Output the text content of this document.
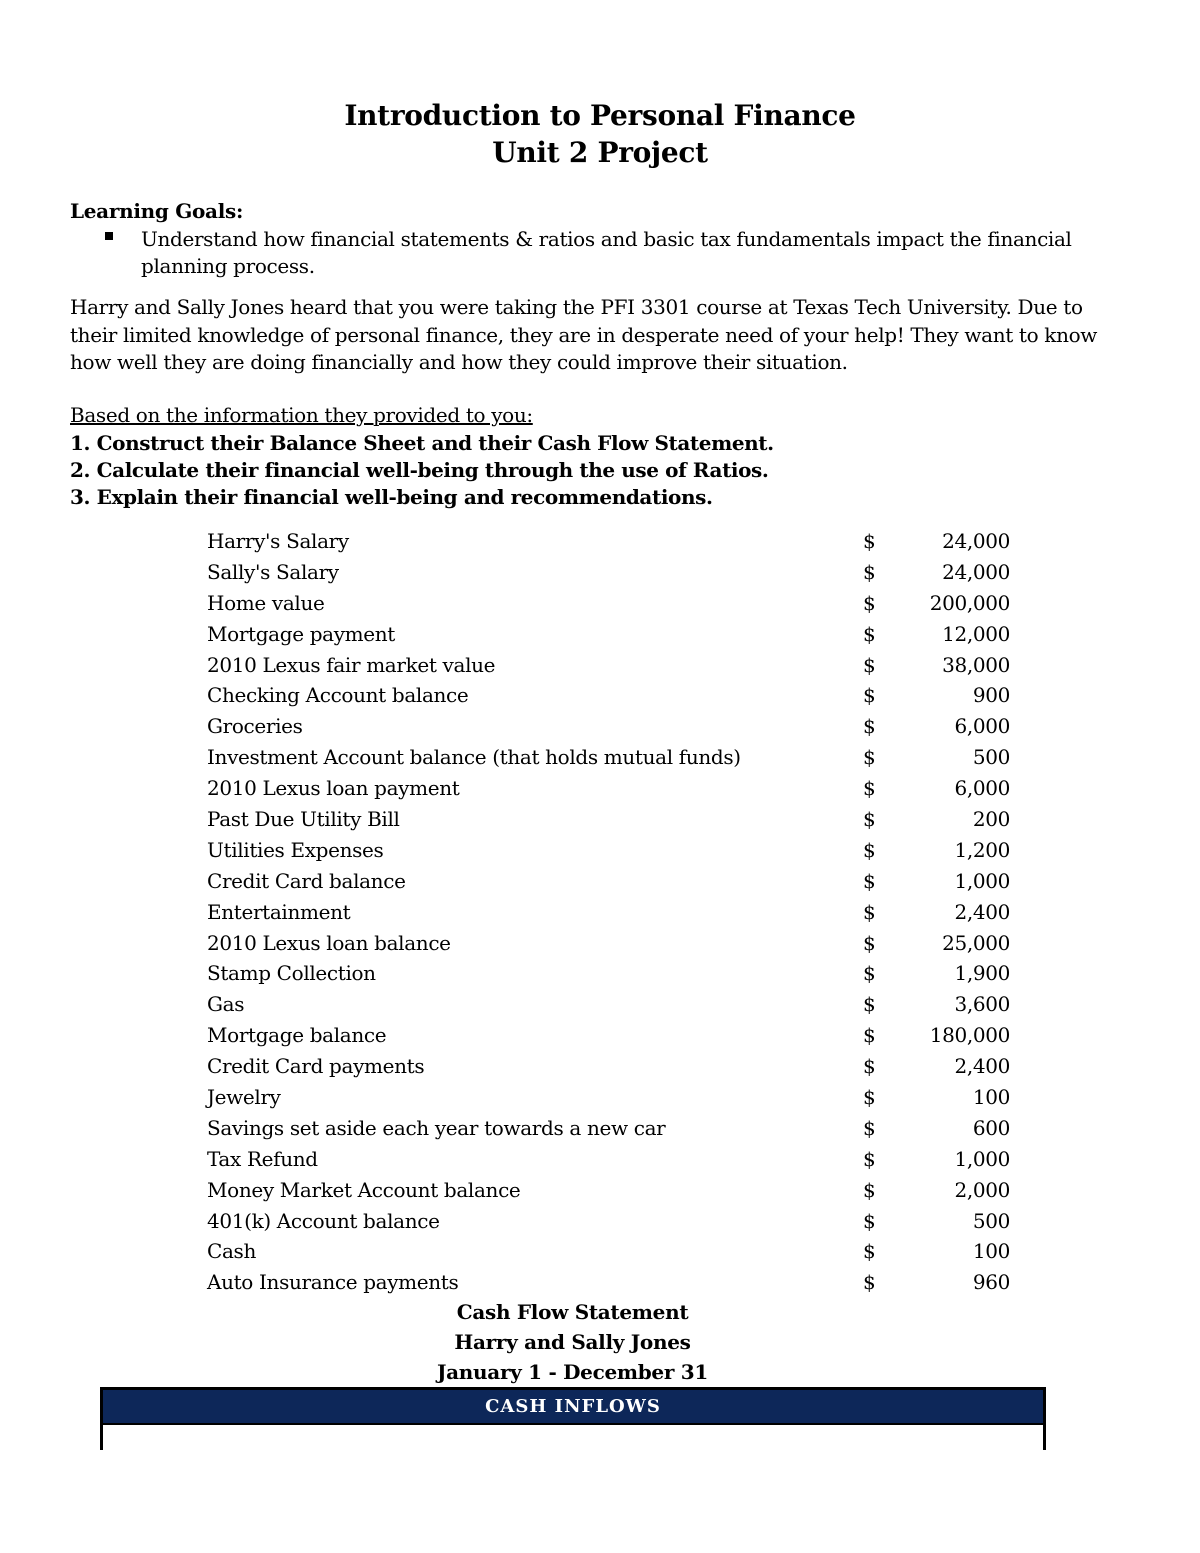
Introduction to Personal Finance
Unit 2 Project
Learning Goals:
Understand how financial statements & ratios and basic tax fundamentals impact the financial planning process.
Harry and Sally Jones heard that you were taking the PFI 3301 course at Texas Tech University. Due to their limited knowledge of personal finance, they are in desperate need of your help! They want to know how well they are doing financially and how they could improve their situation.
Based on the information they provided to you:
1. Construct their Balance Sheet and their Cash Flow Statement.
2. Calculate their financial well-being through the use of Ratios.
3. Explain their financial well-being and recommendations.
Harry's Salary	$	24,000
Sally's Salary	$	24,000
Home value	$	200,000
Mortgage payment	$	12,000
2010 Lexus fair market value	$	38,000
Checking Account balance	$	900
Groceries	$	6,000
Investment Account balance (that holds mutual funds)	$	500
2010 Lexus loan payment	$	6,000
Past Due Utility Bill	$	200
Utilities Expenses	$	1,200
Credit Card balance	$	1,000
Entertainment	$	2,400
2010 Lexus loan balance	$	25,000
Stamp Collection	$	1,900
Gas	$	3,600
Mortgage balance	$	180,000
Credit Card payments	$	2,400
Jewelry	$	100
Savings set aside each year towards a new car	$	600
Tax Refund	$	1,000
Money Market Account balance	$	2,000
401(k) Account balance	$	500
Cash	$	100
Auto Insurance payments	$	960
Cash Flow Statement
Harry and Sally Jones
January 1 - December 31
CASH INFLOWS
